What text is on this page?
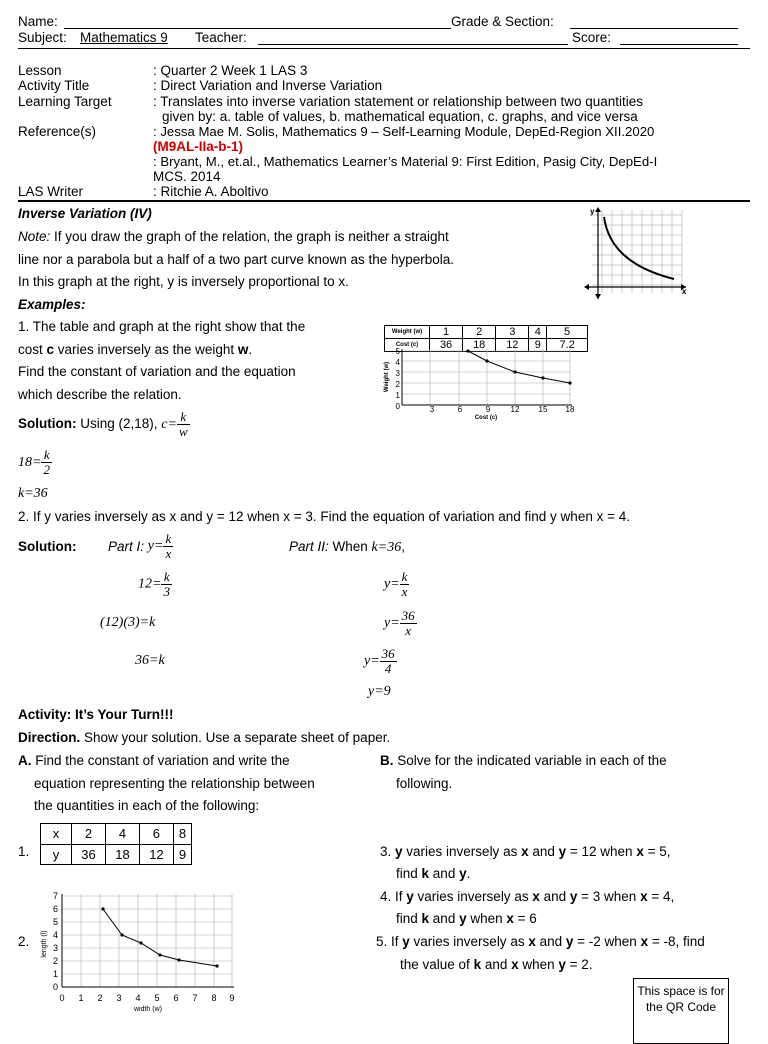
Name:	Grade & Section:
Subject: Mathematics 9 Teacher:	Score:
Lesson	: Quarter 2 Week 1 LAS 3
Activity Title	: Direct Variation and Inverse Variation
Learning Target	: Translates into inverse variation statement or relationship between two quantities
given by: a. table of values, b. mathematical equation, c. graphs, and vice versa
Reference(s)	: Jessa Mae M. Solis, Mathematics 9 – Self-Learning Module, DepEd-Region XII.2020
(M9AL-IIa-b-1)
: Bryant, M., et.al., Mathematics Learner’s Material 9: First Edition, Pasig City, DepEd-I
MCS. 2014
LAS Writer	: Ritchie A. Aboltivo
Inverse Variation (IV)
Note: If you draw the graph of the relation, the graph is neither a straight
line nor a parabola but a half of a two part curve known as the hyperbola.
In this graph at the right, y is inversely proportional to x.
Examples:
y
x
1. The table and graph at the right show that the
cost c varies inversely as the weight w.
Find the constant of variation and the equation
which describe the relation.
Solution: Using (2,18), $c= \frac{k}{w}$
$18= \frac{k}{2}$
k=36
Weight (w)	1	2	3	4	5
Cost (c)	36	18	12	9	7.2
5
4
3
2
1
0	3	6	9	12 15 18
Cost (c)
Weight (w)
2. If y varies inversely as x and y = 12 when x = 3. Find the equation of variation and find y when x = 4.
Solution: Part I: $y= \frac{k}{x}$	Part II: When k=36,
$12= \frac{k}{3}$
(12)(3)=k
36=k
$y= \frac{k}{x}$
$y= \frac{36}{x}$
$y= \frac{36}{4}$
y=9
Activity: It’s Your Turn!!!
Direction. Show your solution. Use a separate sheet of paper.
A. Find the constant of variation and write the
equation representing the relationship between
the quantities in each of the following:
B. Solve for the indicated variable in each of the
following.
1.
x	2	4	6	8
y	36	18	12	9
2.
7
6
5
4
3
2
1
0
0 1 2 3 4 5 6 7 8 9
width (w)
length (l)
3. y varies inversely as x and y = 12 when x = 5,
find k and y.
4. If y varies inversely as x and y = 3 when x = 4,
find k and y when x = 6
5. If y varies inversely as x and y = -2 when x = -8, find
the value of k and x when y = 2.
This space is for the QR Code
